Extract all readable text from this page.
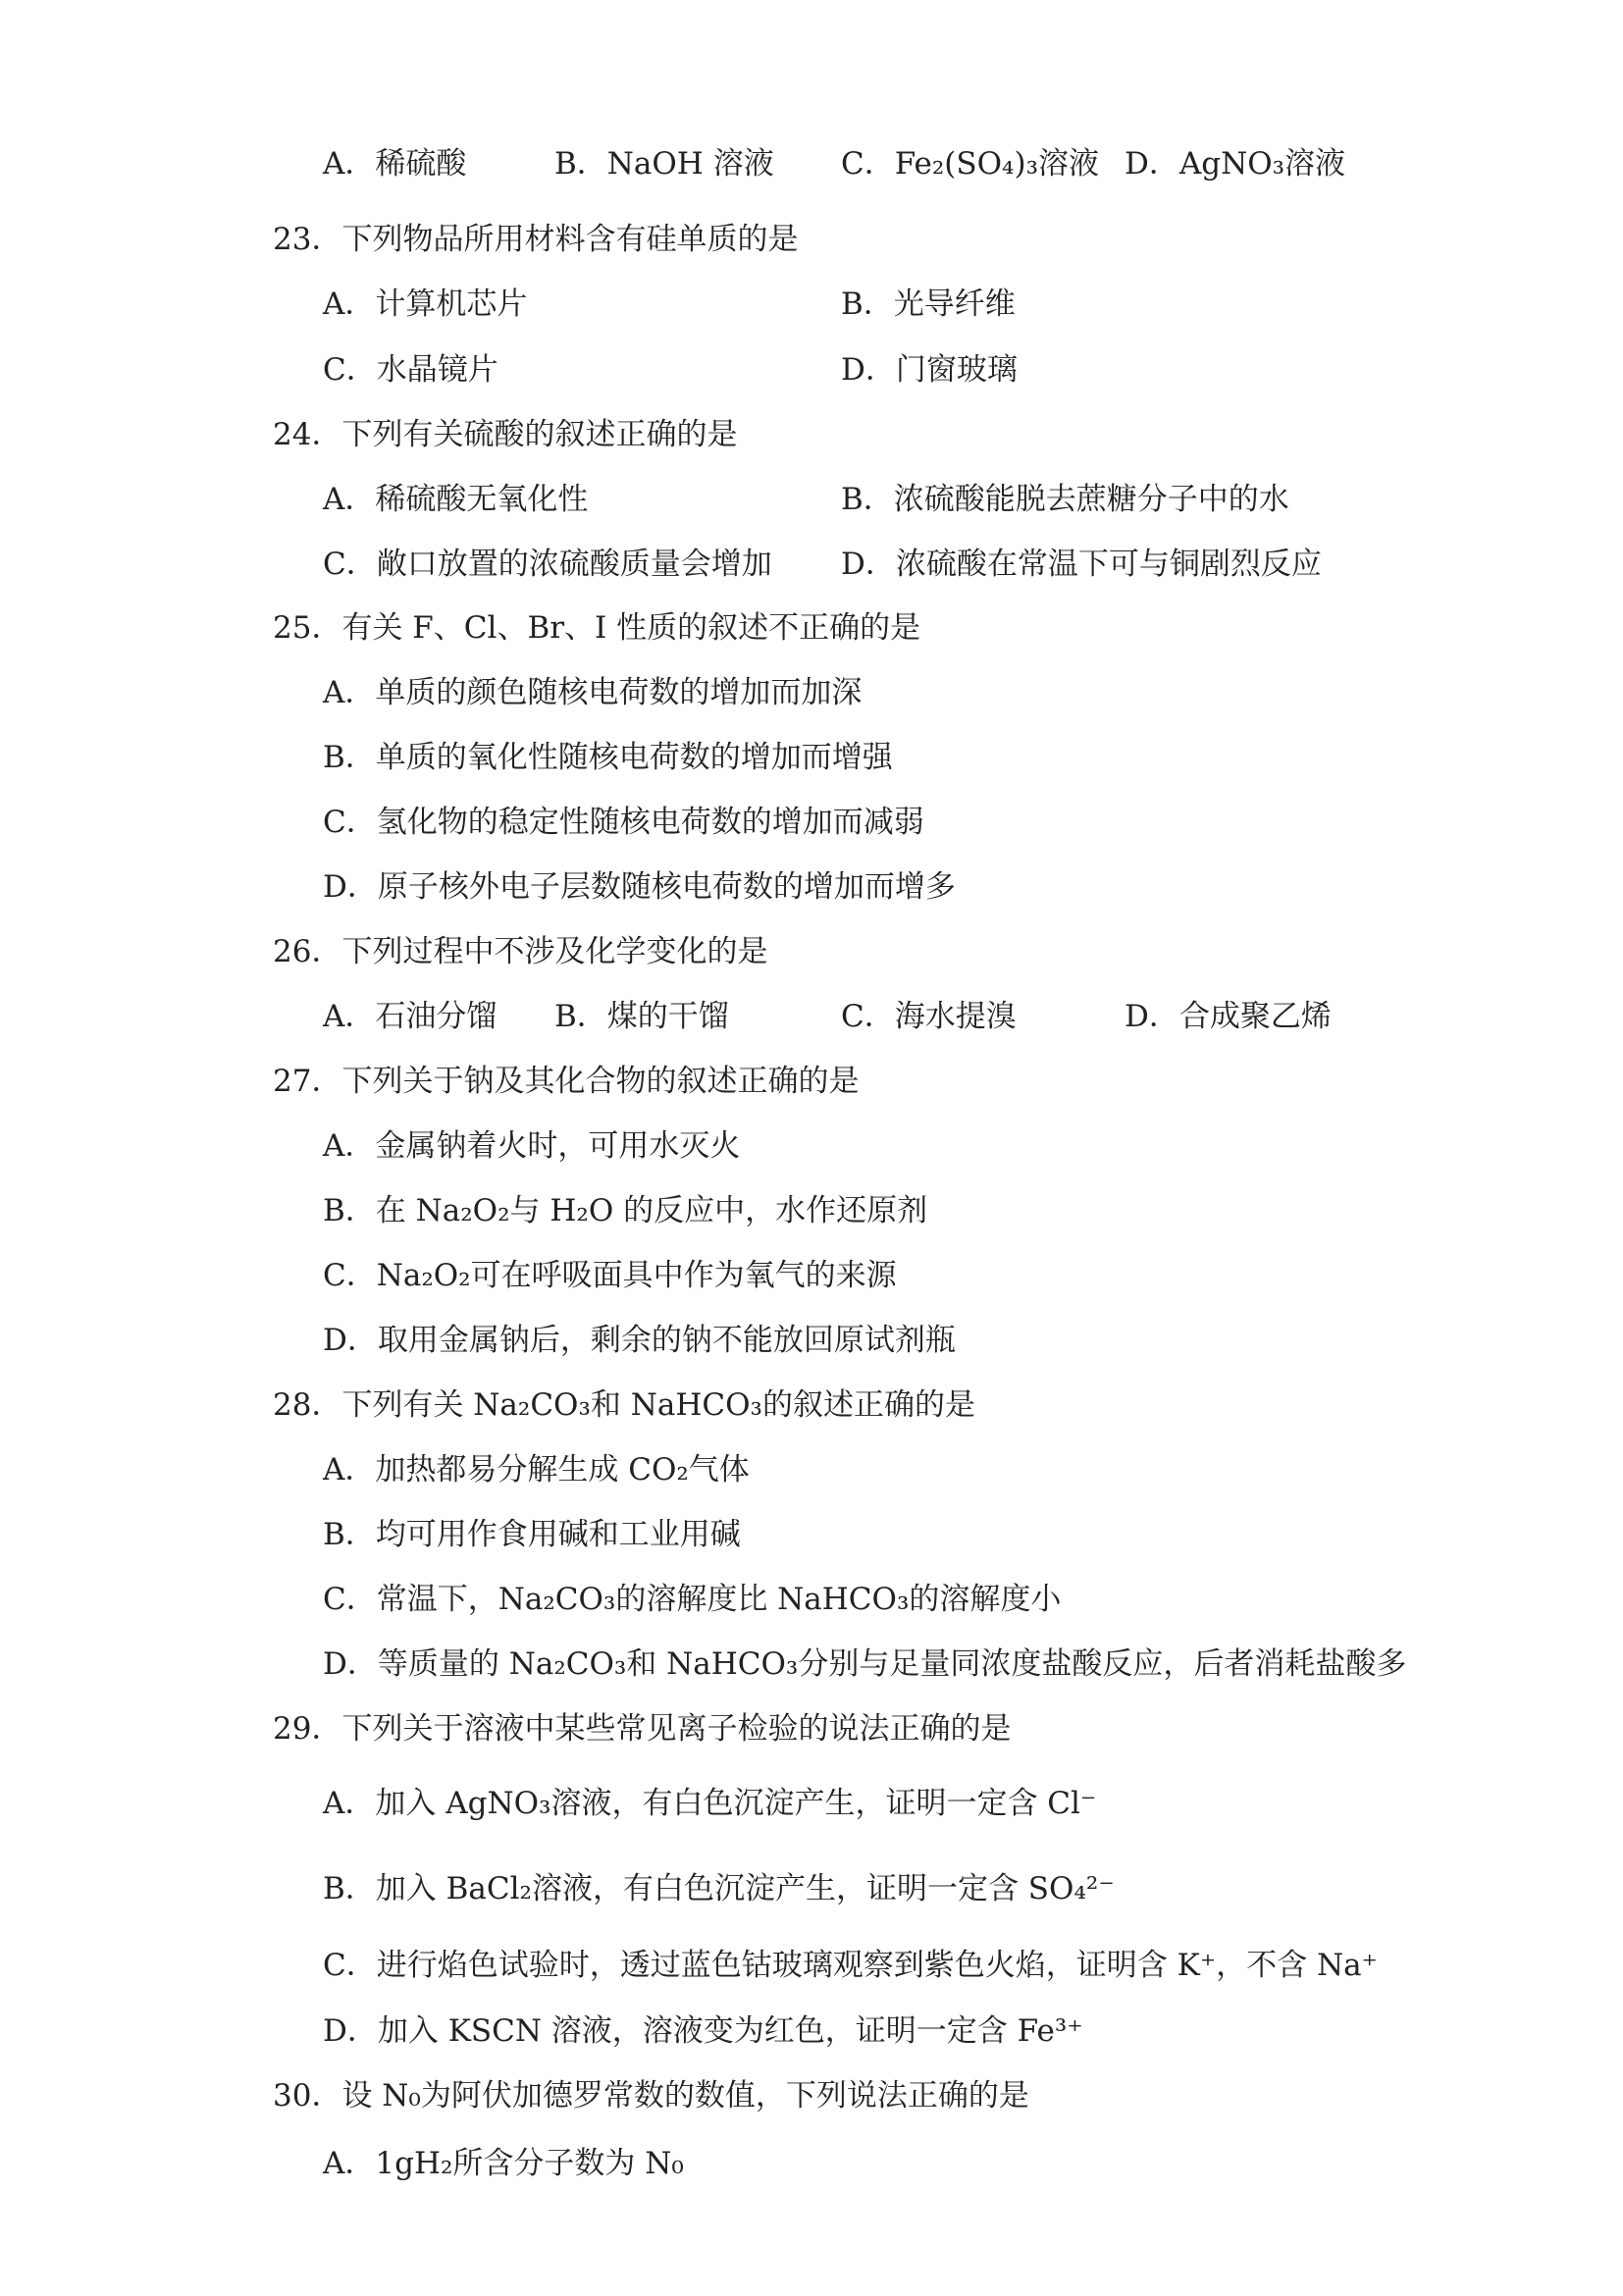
A．稀硫酸	B．NaOH 溶液 C．Fe₂(SO₄)₃溶液 D．AgNO₃溶液
23．下列物品所用材料含有硅单质的是
A．计算机芯片	B．光导纤维
C．水晶镜片	D．门窗玻璃
24．下列有关硫酸的叙述正确的是
A．稀硫酸无氧化性	B．浓硫酸能脱去蔗糖分子中的水
C．敞口放置的浓硫酸质量会增加 D．浓硫酸在常温下可与铜剧烈反应
25．有关 F、Cl、Br、I 性质的叙述不正确的是
A．单质的颜色随核电荷数的增加而加深
B．单质的氧化性随核电荷数的增加而增强
C．氢化物的稳定性随核电荷数的增加而减弱
D．原子核外电子层数随核电荷数的增加而增多
26．下列过程中不涉及化学变化的是
A．石油分馏 B．煤的干馏	C．海水提溴	D．合成聚乙烯
27．下列关于钠及其化合物的叙述正确的是
A．金属钠着火时，可用水灭火
B．在 Na₂O₂与 H₂O 的反应中，水作还原剂
C．Na₂O₂可在呼吸面具中作为氧气的来源
D．取用金属钠后，剩余的钠不能放回原试剂瓶
28．下列有关 Na₂CO₃和 NaHCO₃的叙述正确的是
A．加热都易分解生成 CO₂气体
B．均可用作食用碱和工业用碱
C．常温下，Na₂CO₃的溶解度比 NaHCO₃的溶解度小
D．等质量的 Na₂CO₃和 NaHCO₃分别与足量同浓度盐酸反应，后者消耗盐酸多
29．下列关于溶液中某些常见离子检验的说法正确的是
A．加入 AgNO₃溶液，有白色沉淀产生，证明一定含 Cl⁻
B．加入 BaCl₂溶液，有白色沉淀产生，证明一定含 SO₄²⁻
C．进行焰色试验时，透过蓝色钴玻璃观察到紫色火焰，证明含 K⁺，不含 Na⁺
D．加入 KSCN 溶液，溶液变为红色，证明一定含 Fe³⁺
30．设 N₀为阿伏加德罗常数的数值，下列说法正确的是
A．1gH₂所含分子数为 N₀
